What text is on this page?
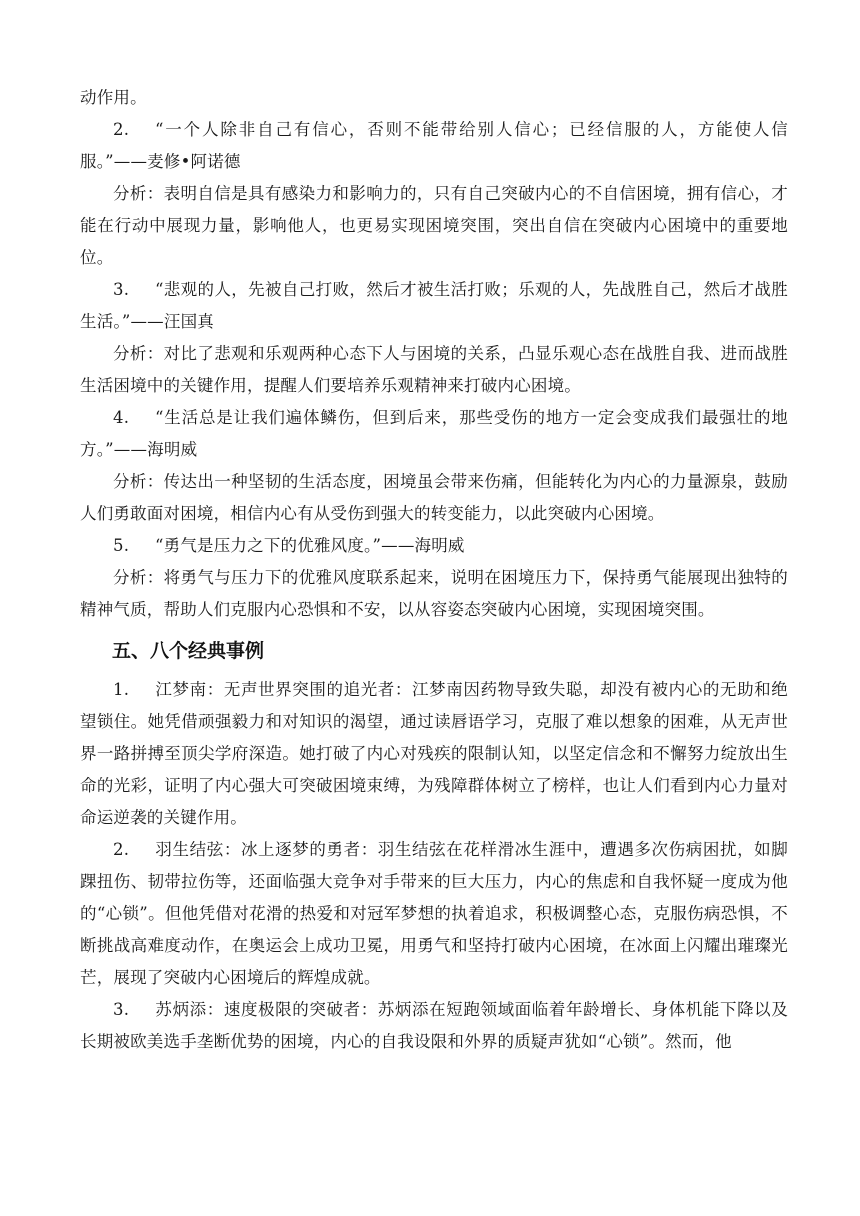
动作用。

2. “一个人除非自己有信心，否则不能带给别人信心；已经信服的人，方能使人信服。”——麦修•阿诺德

分析：表明自信是具有感染力和影响力的，只有自己突破内心的不自信困境，拥有信心，才能在行动中展现力量，影响他人，也更易实现困境突围，突出自信在突破内心困境中的重要地位。

3. “悲观的人，先被自己打败，然后才被生活打败；乐观的人，先战胜自己，然后才战胜生活。”——汪国真

分析：对比了悲观和乐观两种心态下人与困境的关系，凸显乐观心态在战胜自我、进而战胜生活困境中的关键作用，提醒人们要培养乐观精神来打破内心困境。

4. “生活总是让我们遍体鳞伤，但到后来，那些受伤的地方一定会变成我们最强壮的地方。”——海明威

分析：传达出一种坚韧的生活态度，困境虽会带来伤痛，但能转化为内心的力量源泉，鼓励人们勇敢面对困境，相信内心有从受伤到强大的转变能力，以此突破内心困境。

5. “勇气是压力之下的优雅风度。”——海明威

分析：将勇气与压力下的优雅风度联系起来，说明在困境压力下，保持勇气能展现出独特的精神气质，帮助人们克服内心恐惧和不安，以从容姿态突破内心困境，实现困境突围。

五、八个经典事例

1. 江梦南：无声世界突围的追光者：江梦南因药物导致失聪，却没有被内心的无助和绝望锁住。她凭借顽强毅力和对知识的渴望，通过读唇语学习，克服了难以想象的困难，从无声世界一路拼搏至顶尖学府深造。她打破了内心对残疾的限制认知，以坚定信念和不懈努力绽放出生命的光彩，证明了内心强大可突破困境束缚，为残障群体树立了榜样，也让人们看到内心力量对命运逆袭的关键作用。

2. 羽生结弦：冰上逐梦的勇者：羽生结弦在花样滑冰生涯中，遭遇多次伤病困扰，如脚踝扭伤、韧带拉伤等，还面临强大竞争对手带来的巨大压力，内心的焦虑和自我怀疑一度成为他的“心锁”。但他凭借对花滑的热爱和对冠军梦想的执着追求，积极调整心态，克服伤病恐惧，不断挑战高难度动作，在奥运会上成功卫冕，用勇气和坚持打破内心困境，在冰面上闪耀出璀璨光芒，展现了突破内心困境后的辉煌成就。

3. 苏炳添：速度极限的突破者：苏炳添在短跑领域面临着年龄增长、身体机能下降以及长期被欧美选手垄断优势的困境，内心的自我设限和外界的质疑声犹如“心锁”。然而，他
